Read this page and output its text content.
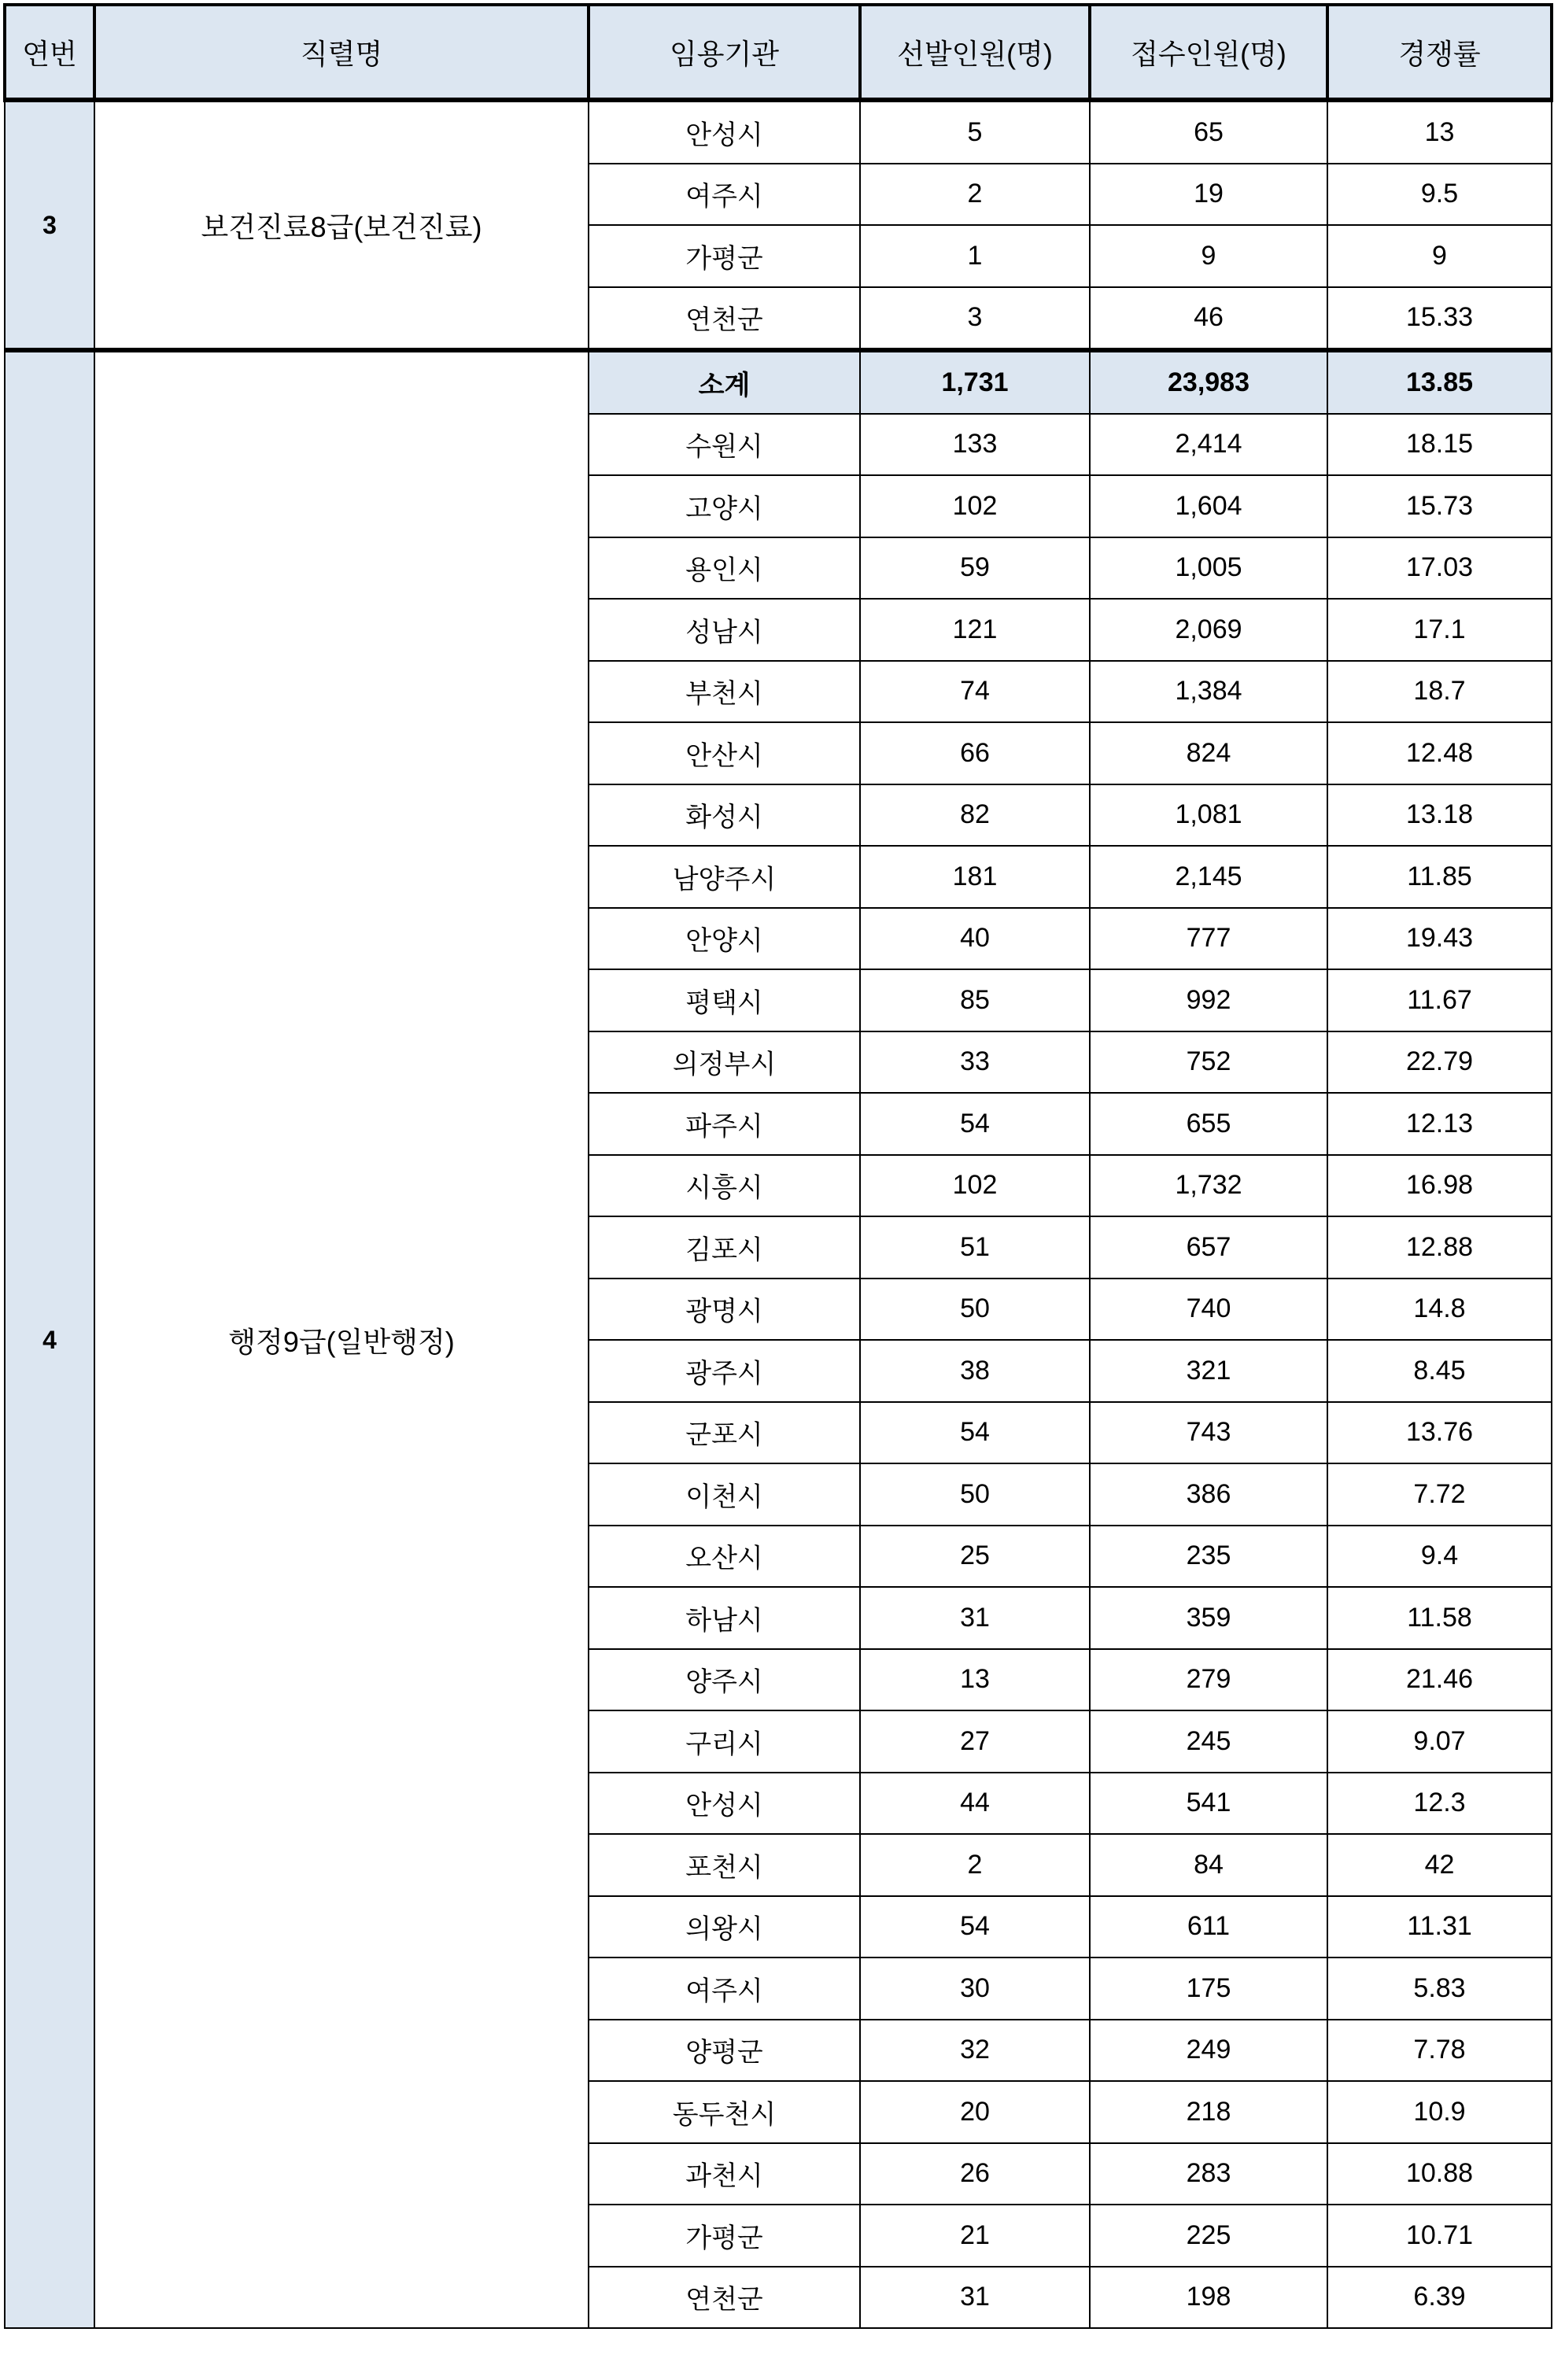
연번	직렬명	임용기관	선발인원(명)	접수인원(명)	경쟁률
3	보건진료8급(보건진료)	안성시	5	65	13
		여주시	2	19	9.5
		가평군	1	9	9
		연천군	3	46	15.33
4	행정9급(일반행정)	소계	1,731	23,983	13.85
		수원시	133	2,414	18.15
		고양시	102	1,604	15.73
		용인시	59	1,005	17.03
		성남시	121	2,069	17.1
		부천시	74	1,384	18.7
		안산시	66	824	12.48
		화성시	82	1,081	13.18
		남양주시	181	2,145	11.85
		안양시	40	777	19.43
		평택시	85	992	11.67
		의정부시	33	752	22.79
		파주시	54	655	12.13
		시흥시	102	1,732	16.98
		김포시	51	657	12.88
		광명시	50	740	14.8
		광주시	38	321	8.45
		군포시	54	743	13.76
		이천시	50	386	7.72
		오산시	25	235	9.4
		하남시	31	359	11.58
		양주시	13	279	21.46
		구리시	27	245	9.07
		안성시	44	541	12.3
		포천시	2	84	42
		의왕시	54	611	11.31
		여주시	30	175	5.83
		양평군	32	249	7.78
		동두천시	20	218	10.9
		과천시	26	283	10.88
		가평군	21	225	10.71
		연천군	31	198	6.39
